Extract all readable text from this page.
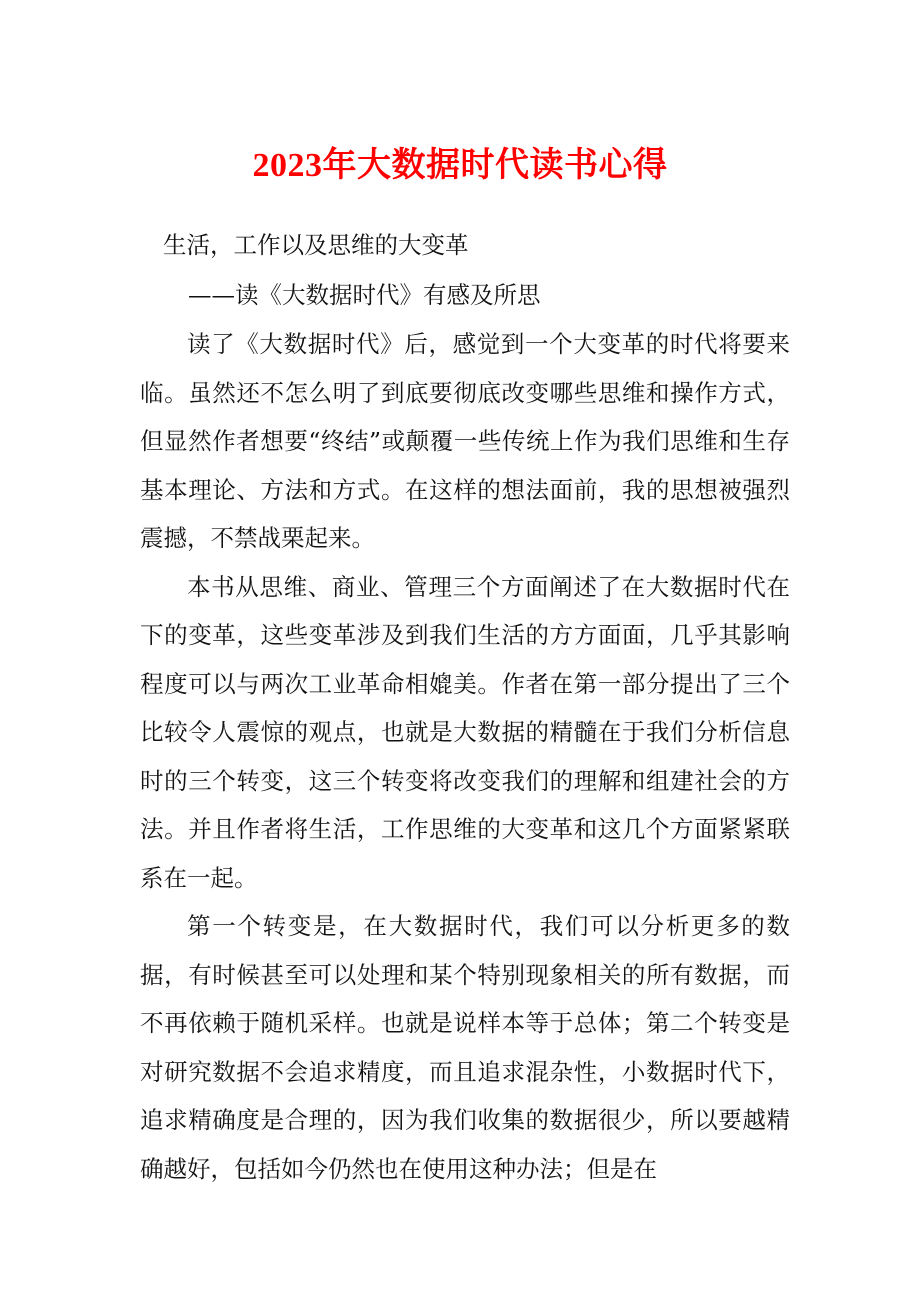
2023年大数据时代读书心得
生活，工作以及思维的大变革
——读《大数据时代》有感及所思

读了《大数据时代》后，感觉到一个大变革的时代将要来临。虽然还不怎么明了到底要彻底改变哪些思维和操作方式，但显然作者想要“终结”或颠覆一些传统上作为我们思维和生存基本理论、方法和方式。在这样的想法面前，我的思想被强烈震撼，不禁战栗起来。

本书从思维、商业、管理三个方面阐述了在大数据时代在下的变革，这些变革涉及到我们生活的方方面面，几乎其影响程度可以与两次工业革命相媲美。作者在第一部分提出了三个比较令人震惊的观点，也就是大数据的精髓在于我们分析信息时的三个转变，这三个转变将改变我们的理解和组建社会的方法。并且作者将生活，工作思维的大变革和这几个方面紧紧联系在一起。

第一个转变是，在大数据时代，我们可以分析更多的数据，有时候甚至可以处理和某个特别现象相关的所有数据，而不再依赖于随机采样。也就是说样本等于总体；第二个转变是对研究数据不会追求精度，而且追求混杂性，小数据时代下，追求精确度是合理的，因为我们收集的数据很少，所以要越精确越好，包括如今仍然也在使用这种办法；但是在
